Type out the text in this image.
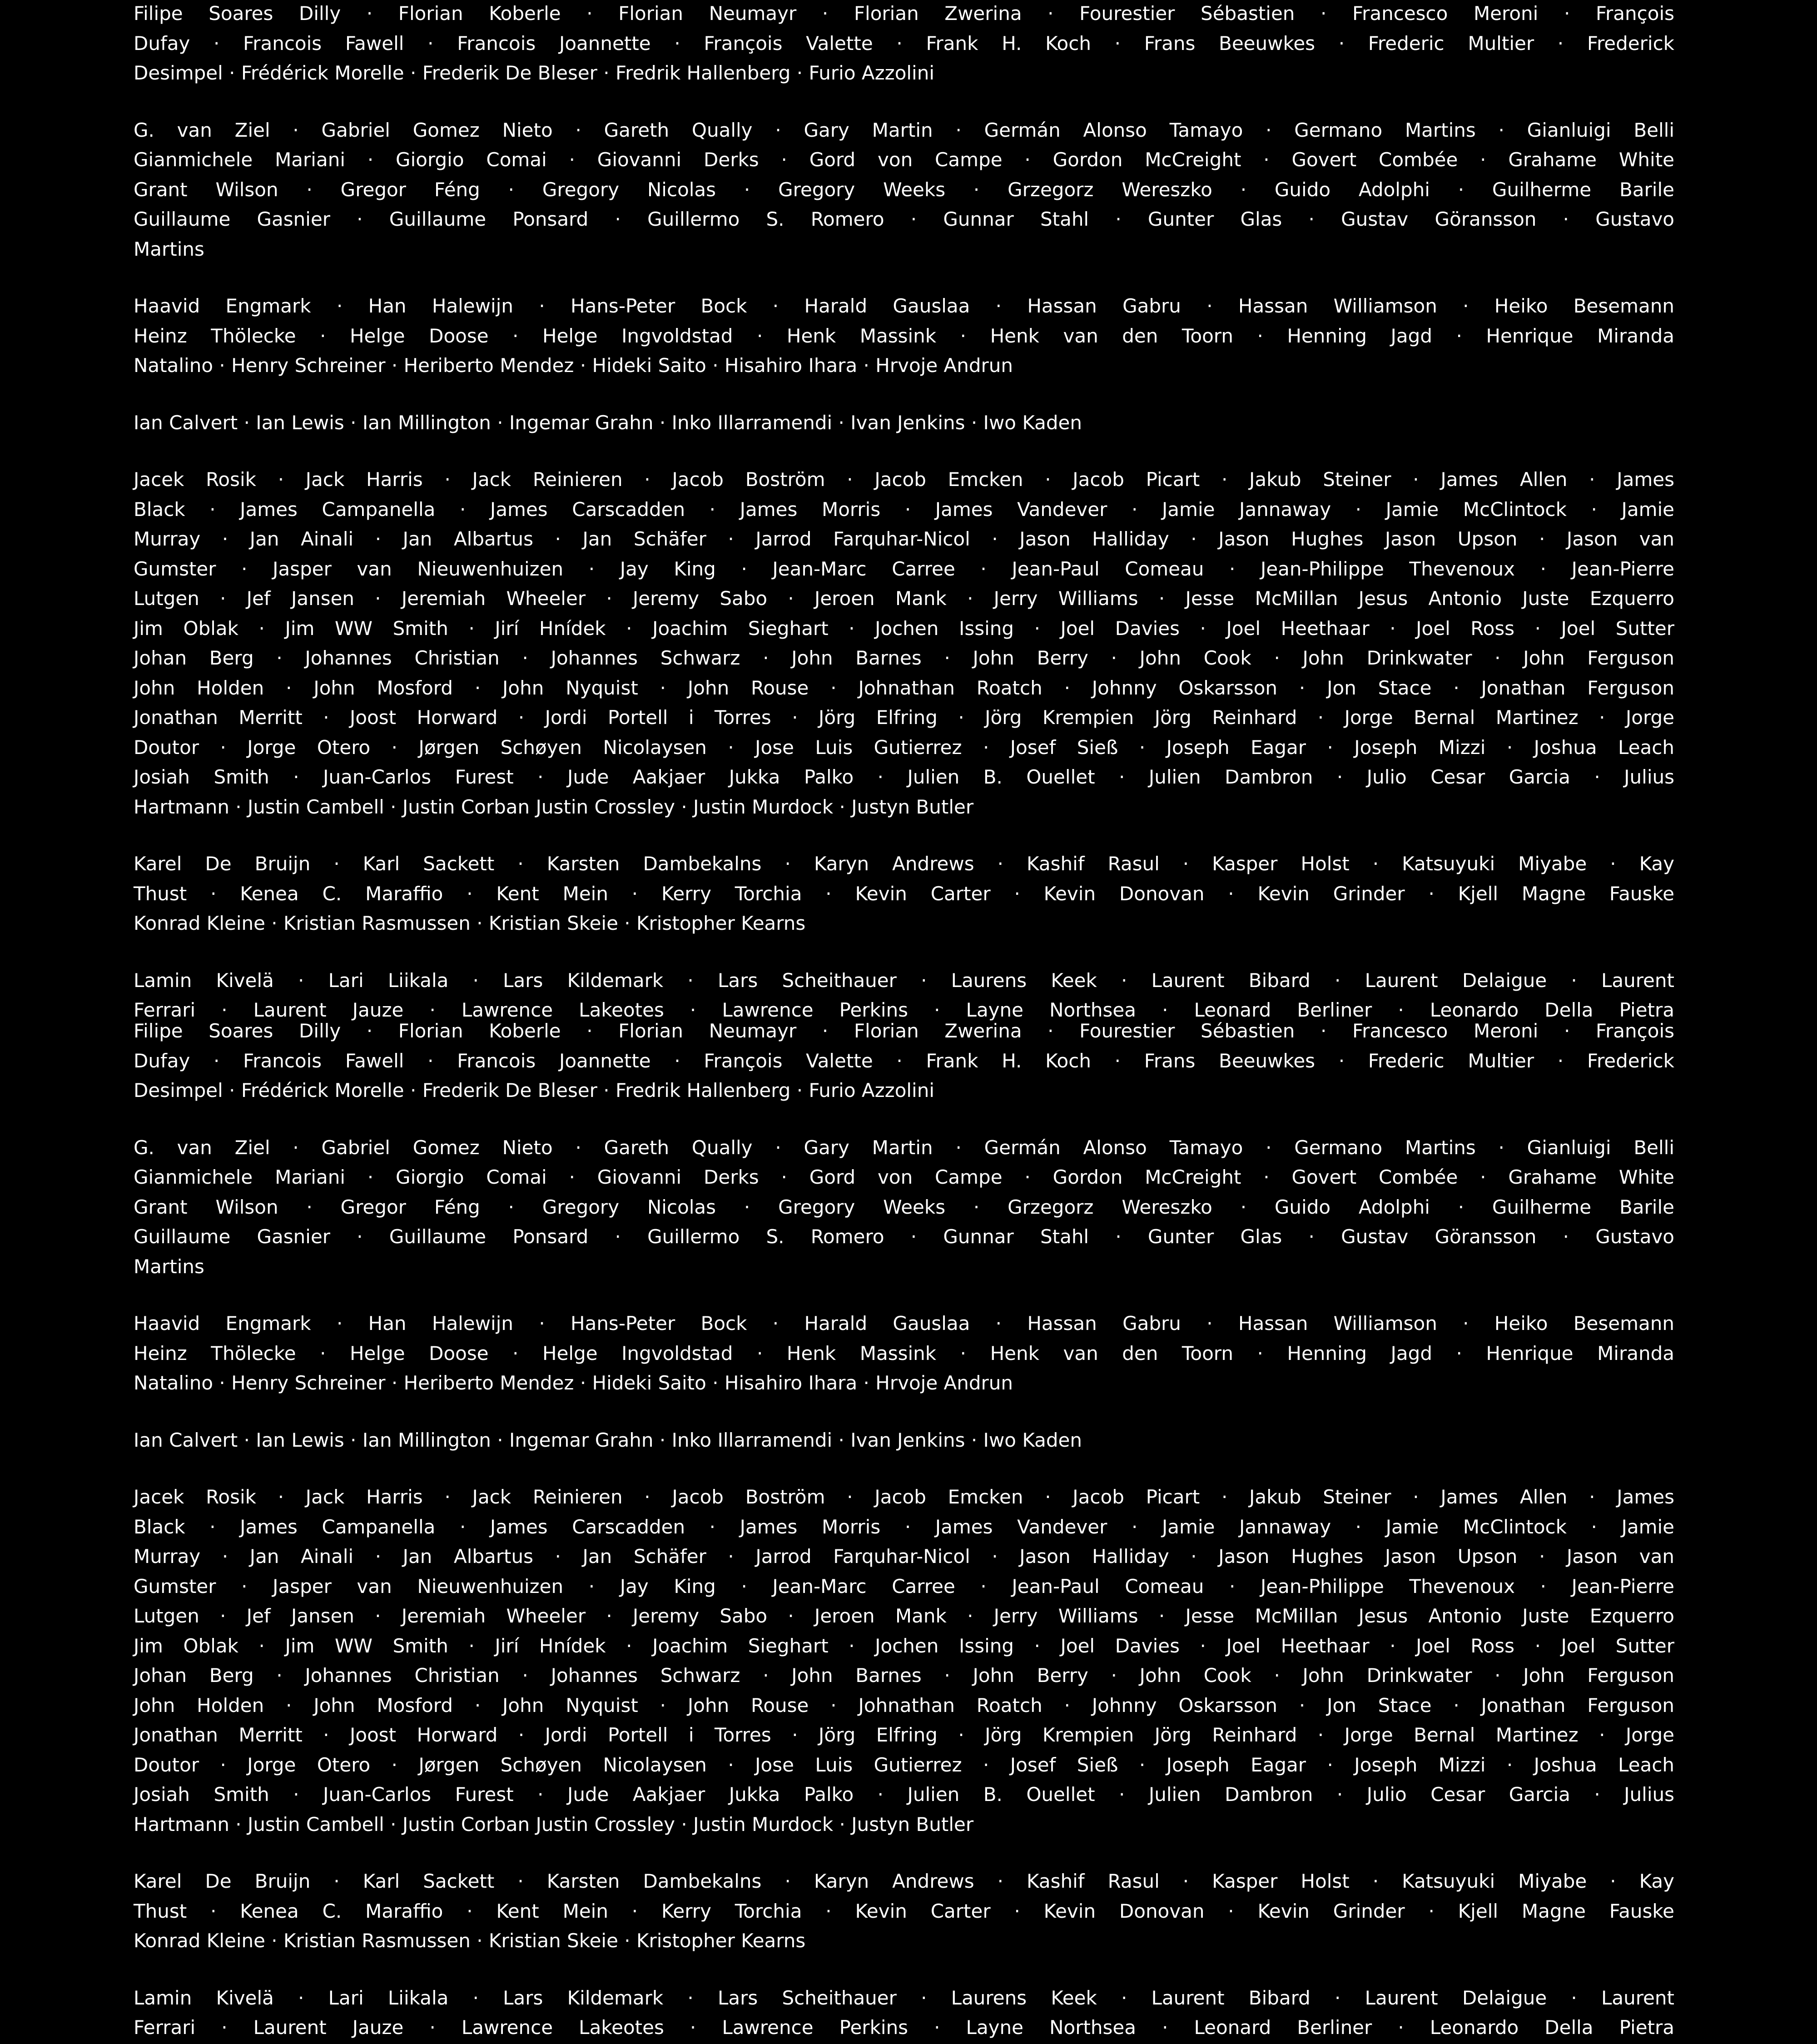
Filipe Soares Dilly · Florian Koberle · Florian Neumayr · Florian Zwerina · Fourestier Sébastien · Francesco Meroni · François
Dufay · Francois Fawell · Francois Joannette · François Valette · Frank H. Koch · Frans Beeuwkes · Frederic Multier · Frederick
Desimpel · Frédérick Morelle · Frederik De Bleser · Fredrik Hallenberg · Furio Azzolini

G. van Ziel · Gabriel Gomez Nieto · Gareth Qually · Gary Martin · Germán Alonso Tamayo · Germano Martins · Gianluigi Belli
Gianmichele Mariani · Giorgio Comai · Giovanni Derks · Gord von Campe · Gordon McCreight · Govert Combée · Grahame White
Grant Wilson · Gregor Féng · Gregory Nicolas · Gregory Weeks · Grzegorz Wereszko · Guido Adolphi · Guilherme Barile
Guillaume Gasnier · Guillaume Ponsard · Guillermo S. Romero · Gunnar Stahl · Gunter Glas · Gustav Göransson · Gustavo
Martins

Haavid Engmark · Han Halewijn · Hans-Peter Bock · Harald Gauslaa · Hassan Gabru · Hassan Williamson · Heiko Besemann
Heinz Thölecke · Helge Doose · Helge Ingvoldstad · Henk Massink · Henk van den Toorn · Henning Jagd · Henrique Miranda
Natalino · Henry Schreiner · Heriberto Mendez · Hideki Saito · Hisahiro Ihara · Hrvoje Andrun

Ian Calvert · Ian Lewis · Ian Millington · Ingemar Grahn · Inko Illarramendi · Ivan Jenkins · Iwo Kaden

Jacek Rosik · Jack Harris · Jack Reinieren · Jacob Boström · Jacob Emcken · Jacob Picart · Jakub Steiner · James Allen · James
Black · James Campanella · James Carscadden · James Morris · James Vandever · Jamie Jannaway · Jamie McClintock · Jamie
Murray · Jan Ainali · Jan Albartus · Jan Schäfer · Jarrod Farquhar-Nicol · Jason Halliday · Jason Hughes Jason Upson · Jason van
Gumster · Jasper van Nieuwenhuizen · Jay King · Jean-Marc Carree · Jean-Paul Comeau · Jean-Philippe Thevenoux · Jean-Pierre
Lutgen · Jef Jansen · Jeremiah Wheeler · Jeremy Sabo · Jeroen Mank · Jerry Williams · Jesse McMillan Jesus Antonio Juste Ezquerro
Jim Oblak · Jim WW Smith · Jirí Hnídek · Joachim Sieghart · Jochen Issing · Joel Davies · Joel Heethaar · Joel Ross · Joel Sutter
Johan Berg · Johannes Christian · Johannes Schwarz · John Barnes · John Berry · John Cook · John Drinkwater · John Ferguson
John Holden · John Mosford · John Nyquist · John Rouse · Johnathan Roatch · Johnny Oskarsson · Jon Stace · Jonathan Ferguson
Jonathan Merritt · Joost Horward · Jordi Portell i Torres · Jörg Elfring · Jörg Krempien Jörg Reinhard · Jorge Bernal Martinez · Jorge
Doutor · Jorge Otero · Jørgen Schøyen Nicolaysen · Jose Luis Gutierrez · Josef Sieß · Joseph Eagar · Joseph Mizzi · Joshua Leach
Josiah Smith · Juan-Carlos Furest · Jude Aakjaer Jukka Palko · Julien B. Ouellet · Julien Dambron · Julio Cesar Garcia · Julius
Hartmann · Justin Cambell · Justin Corban Justin Crossley · Justin Murdock · Justyn Butler

Karel De Bruijn · Karl Sackett · Karsten Dambekalns · Karyn Andrews · Kashif Rasul · Kasper Holst · Katsuyuki Miyabe · Kay
Thust · Kenea C. Maraffio · Kent Mein · Kerry Torchia · Kevin Carter · Kevin Donovan · Kevin Grinder · Kjell Magne Fauske
Konrad Kleine · Kristian Rasmussen · Kristian Skeie · Kristopher Kearns

Lamin Kivelä · Lari Liikala · Lars Kildemark · Lars Scheithauer · Laurens Keek · Laurent Bibard · Laurent Delaigue · Laurent
Ferrari · Laurent Jauze · Lawrence Lakeotes · Lawrence Perkins · Layne Northsea · Leonard Berliner · Leonardo Della Pietra

Filipe Soares Dilly · Florian Koberle · Florian Neumayr · Florian Zwerina · Fourestier Sébastien · Francesco Meroni · François
Dufay · Francois Fawell · Francois Joannette · François Valette · Frank H. Koch · Frans Beeuwkes · Frederic Multier · Frederick
Desimpel · Frédérick Morelle · Frederik De Bleser · Fredrik Hallenberg · Furio Azzolini

G. van Ziel · Gabriel Gomez Nieto · Gareth Qually · Gary Martin · Germán Alonso Tamayo · Germano Martins · Gianluigi Belli
Gianmichele Mariani · Giorgio Comai · Giovanni Derks · Gord von Campe · Gordon McCreight · Govert Combée · Grahame White
Grant Wilson · Gregor Féng · Gregory Nicolas · Gregory Weeks · Grzegorz Wereszko · Guido Adolphi · Guilherme Barile
Guillaume Gasnier · Guillaume Ponsard · Guillermo S. Romero · Gunnar Stahl · Gunter Glas · Gustav Göransson · Gustavo
Martins

Haavid Engmark · Han Halewijn · Hans-Peter Bock · Harald Gauslaa · Hassan Gabru · Hassan Williamson · Heiko Besemann
Heinz Thölecke · Helge Doose · Helge Ingvoldstad · Henk Massink · Henk van den Toorn · Henning Jagd · Henrique Miranda
Natalino · Henry Schreiner · Heriberto Mendez · Hideki Saito · Hisahiro Ihara · Hrvoje Andrun

Ian Calvert · Ian Lewis · Ian Millington · Ingemar Grahn · Inko Illarramendi · Ivan Jenkins · Iwo Kaden

Jacek Rosik · Jack Harris · Jack Reinieren · Jacob Boström · Jacob Emcken · Jacob Picart · Jakub Steiner · James Allen · James
Black · James Campanella · James Carscadden · James Morris · James Vandever · Jamie Jannaway · Jamie McClintock · Jamie
Murray · Jan Ainali · Jan Albartus · Jan Schäfer · Jarrod Farquhar-Nicol · Jason Halliday · Jason Hughes Jason Upson · Jason van
Gumster · Jasper van Nieuwenhuizen · Jay King · Jean-Marc Carree · Jean-Paul Comeau · Jean-Philippe Thevenoux · Jean-Pierre
Lutgen · Jef Jansen · Jeremiah Wheeler · Jeremy Sabo · Jeroen Mank · Jerry Williams · Jesse McMillan Jesus Antonio Juste Ezquerro
Jim Oblak · Jim WW Smith · Jirí Hnídek · Joachim Sieghart · Jochen Issing · Joel Davies · Joel Heethaar · Joel Ross · Joel Sutter
Johan Berg · Johannes Christian · Johannes Schwarz · John Barnes · John Berry · John Cook · John Drinkwater · John Ferguson
John Holden · John Mosford · John Nyquist · John Rouse · Johnathan Roatch · Johnny Oskarsson · Jon Stace · Jonathan Ferguson
Jonathan Merritt · Joost Horward · Jordi Portell i Torres · Jörg Elfring · Jörg Krempien Jörg Reinhard · Jorge Bernal Martinez · Jorge
Doutor · Jorge Otero · Jørgen Schøyen Nicolaysen · Jose Luis Gutierrez · Josef Sieß · Joseph Eagar · Joseph Mizzi · Joshua Leach
Josiah Smith · Juan-Carlos Furest · Jude Aakjaer Jukka Palko · Julien B. Ouellet · Julien Dambron · Julio Cesar Garcia · Julius
Hartmann · Justin Cambell · Justin Corban Justin Crossley · Justin Murdock · Justyn Butler

Karel De Bruijn · Karl Sackett · Karsten Dambekalns · Karyn Andrews · Kashif Rasul · Kasper Holst · Katsuyuki Miyabe · Kay
Thust · Kenea C. Maraffio · Kent Mein · Kerry Torchia · Kevin Carter · Kevin Donovan · Kevin Grinder · Kjell Magne Fauske
Konrad Kleine · Kristian Rasmussen · Kristian Skeie · Kristopher Kearns

Lamin Kivelä · Lari Liikala · Lars Kildemark · Lars Scheithauer · Laurens Keek · Laurent Bibard · Laurent Delaigue · Laurent
Ferrari · Laurent Jauze · Lawrence Lakeotes · Lawrence Perkins · Layne Northsea · Leonard Berliner · Leonardo Della Pietra
